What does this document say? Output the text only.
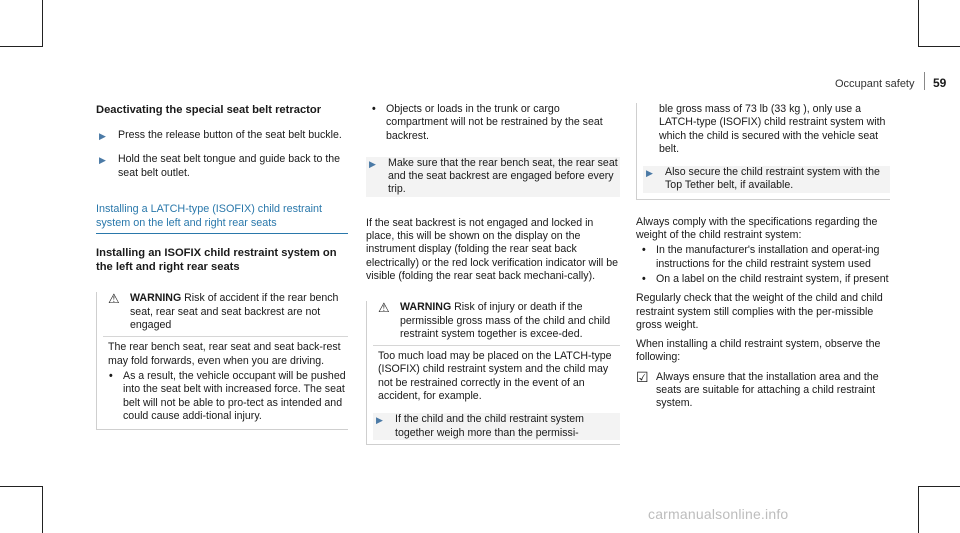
Occupant safety 59
Deactivating the special seat belt retractor
▶ Press the release button of the seat belt buckle.
▶ Hold the seat belt tongue and guide back to the seat belt outlet.
Installing a LATCH-type (ISOFIX) child restraint system on the left and right rear seats
Installing an ISOFIX child restraint system on the left and right rear seats
⚠ WARNING Risk of accident if the rear bench seat, rear seat and seat backrest are not engaged
The rear bench seat, rear seat and seat back-rest may fold forwards, even when you are driving.
• As a result, the vehicle occupant will be pushed into the seat belt with increased force. The seat belt will not be able to pro-tect as intended and could cause addi-tional injury.
• Objects or loads in the trunk or cargo compartment will not be restrained by the seat backrest.
▶ Make sure that the rear bench seat, the rear seat and the seat backrest are engaged before every trip.
If the seat backrest is not engaged and locked in place, this will be shown on the display on the instrument display (folding the rear seat back electrically) or the red lock verification indicator will be visible (folding the rear seat back mechani-cally).
⚠ WARNING Risk of injury or death if the permissible gross mass of the child and child restraint system together is excee-ded.
Too much load may be placed on the LATCH-type (ISOFIX) child restraint system and the child may not be restrained correctly in the event of an accident, for example.
▶ If the child and the child restraint system together weigh more than the permissi-
ble gross mass of 73 lb (33 kg ), only use a LATCH-type (ISOFIX) child restraint system with which the child is secured with the vehicle seat belt.
▶ Also secure the child restraint system with the Top Tether belt, if available.
Always comply with the specifications regarding the weight of the child restraint system:
• In the manufacturer's installation and operat-ing instructions for the child restraint system used
• On a label on the child restraint system, if present
Regularly check that the weight of the child and child restraint system still complies with the per-missible gross weight.
When installing a child restraint system, observe the following:
☑ Always ensure that the installation area and the seats are suitable for attaching a child restraint system.
carmanualsonline.info
